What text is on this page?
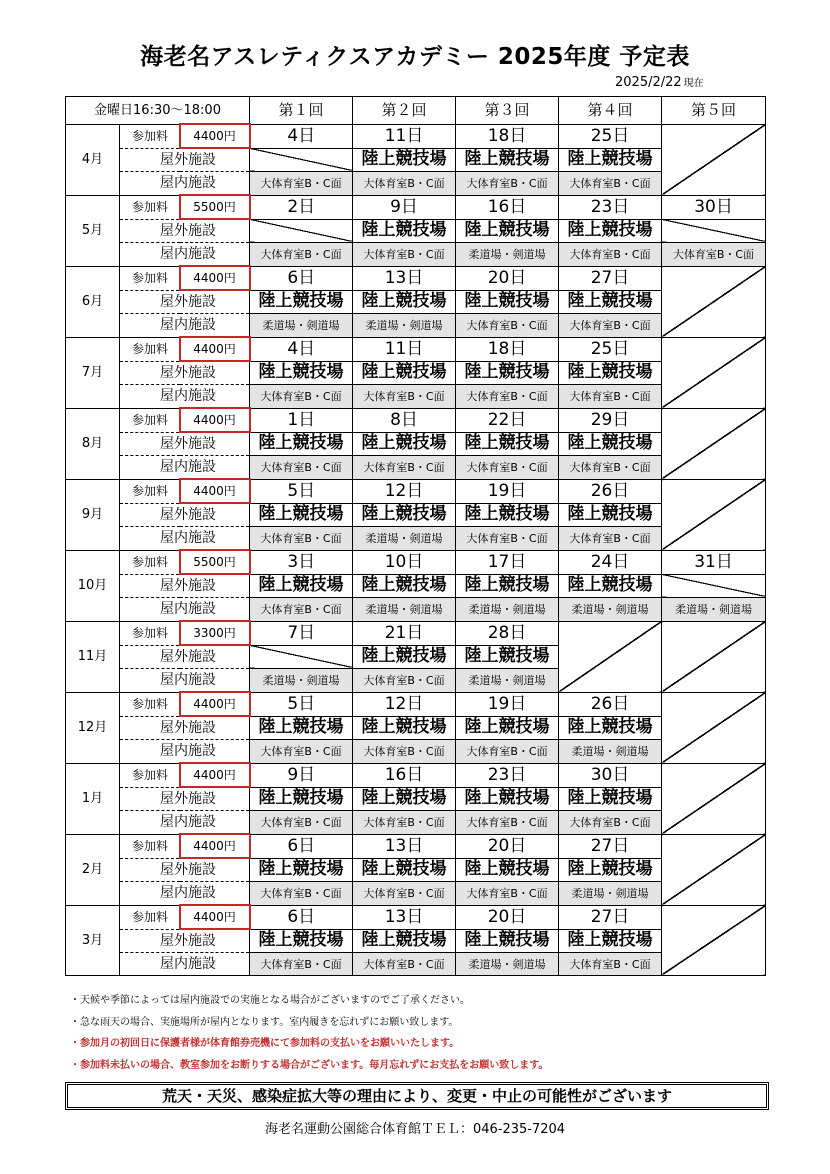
海老名アスレティクスアカデミー 2025年度 予定表
2025/2/22 現在
金曜日16:30～18:00			第１回	第２回	第３回	第４回	第５回
4月	参加料	4400円	4日	11日	18日	25日	
	屋外施設			陸上競技場	陸上競技場	陸上競技場	
	屋内施設		大体育室B・C面	大体育室B・C面	大体育室B・C面	大体育室B・C面	
5月	参加料	5500円	2日	9日	16日	23日	30日
	屋外施設			陸上競技場	陸上競技場	陸上競技場	
	屋内施設		大体育室B・C面	大体育室B・C面	柔道場・剣道場	大体育室B・C面	大体育室B・C面
6月	参加料	4400円	6日	13日	20日	27日	
	屋外施設		陸上競技場	陸上競技場	陸上競技場	陸上競技場	
	屋内施設		柔道場・剣道場	柔道場・剣道場	大体育室B・C面	大体育室B・C面	
7月	参加料	4400円	4日	11日	18日	25日	
	屋外施設		陸上競技場	陸上競技場	陸上競技場	陸上競技場	
	屋内施設		大体育室B・C面	大体育室B・C面	大体育室B・C面	大体育室B・C面	
8月	参加料	4400円	1日	8日	22日	29日	
	屋外施設		陸上競技場	陸上競技場	陸上競技場	陸上競技場	
	屋内施設		大体育室B・C面	大体育室B・C面	大体育室B・C面	大体育室B・C面	
9月	参加料	4400円	5日	12日	19日	26日	
	屋外施設		陸上競技場	陸上競技場	陸上競技場	陸上競技場	
	屋内施設		大体育室B・C面	柔道場・剣道場	大体育室B・C面	大体育室B・C面	
10月	参加料	5500円	3日	10日	17日	24日	31日
	屋外施設		陸上競技場	陸上競技場	陸上競技場	陸上競技場	
	屋内施設		大体育室B・C面	柔道場・剣道場	柔道場・剣道場	柔道場・剣道場	柔道場・剣道場
11月	参加料	3300円	7日	21日	28日		
	屋外施設			陸上競技場	陸上競技場		
	屋内施設		柔道場・剣道場	大体育室B・C面	柔道場・剣道場		
12月	参加料	4400円	5日	12日	19日	26日	
	屋外施設		陸上競技場	陸上競技場	陸上競技場	陸上競技場	
	屋内施設		大体育室B・C面	大体育室B・C面	大体育室B・C面	柔道場・剣道場	
1月	参加料	4400円	9日	16日	23日	30日	
	屋外施設		陸上競技場	陸上競技場	陸上競技場	陸上競技場	
	屋内施設		大体育室B・C面	大体育室B・C面	大体育室B・C面	大体育室B・C面	
2月	参加料	4400円	6日	13日	20日	27日	
	屋外施設		陸上競技場	陸上競技場	陸上競技場	陸上競技場	
	屋内施設		大体育室B・C面	大体育室B・C面	大体育室B・C面	柔道場・剣道場	
3月	参加料	4400円	6日	13日	20日	27日	
	屋外施設		陸上競技場	陸上競技場	陸上競技場	陸上競技場	
	屋内施設		大体育室B・C面	大体育室B・C面	柔道場・剣道場	大体育室B・C面	
・天候や季節によっては屋内施設での実施となる場合がございますのでご了承ください。
・急な雨天の場合、実施場所が屋内となります。室内履きを忘れずにお願い致します。
・参加月の初回日に保護者様が体育館券売機にて参加料の支払いをお願いいたします。
・参加料未払いの場合、教室参加をお断りする場合がございます。毎月忘れずにお支払をお願い致します。
荒天・天災、感染症拡大等の理由により、変更・中止の可能性がございます
海老名運動公園総合体育館ＴＥＬ：046-235-7204
